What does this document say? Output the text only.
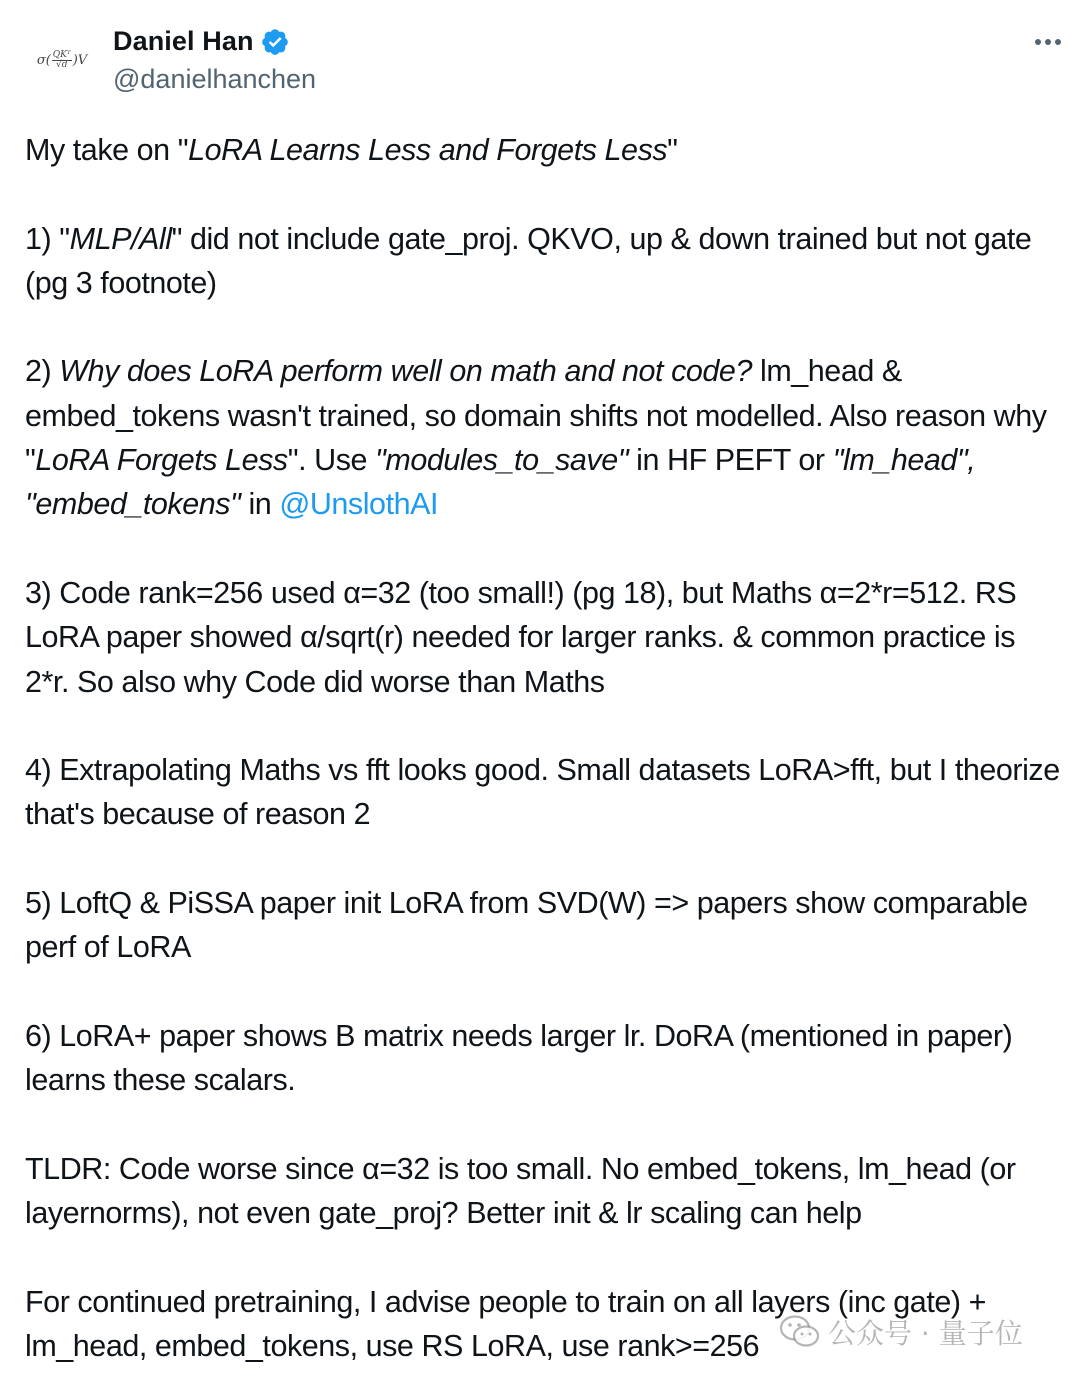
$\sigma( \frac{\text{QKᵀ}}{√d} )V$
Daniel Han
@danielhanchen

My take on "LoRA Learns Less and Forgets Less"

1) "MLP/All" did not include gate_proj. QKVO, up & down trained but not gate (pg 3 footnote)

2) Why does LoRA perform well on math and not code? lm_head & embed_tokens wasn't trained, so domain shifts not modelled. Also reason why "LoRA Forgets Less". Use "modules_to_save" in HF PEFT or "lm_head", "embed_tokens" in @UnslothAI

3) Code rank=256 used α=32 (too small!) (pg 18), but Maths α=2*r=512. RS LoRA paper showed α/sqrt(r) needed for larger ranks. & common practice is 2*r. So also why Code did worse than Maths

4) Extrapolating Maths vs fft looks good. Small datasets LoRA>fft, but I theorize that's because of reason 2

5) LoftQ & PiSSA paper init LoRA from SVD(W) => papers show comparable perf of LoRA

6) LoRA+ paper shows B matrix needs larger lr. DoRA (mentioned in paper) learns these scalars.

TLDR: Code worse since α=32 is too small. No embed_tokens, lm_head (or layernorms), not even gate_proj? Better init & lr scaling can help

For continued pretraining, I advise people to train on all layers (inc gate) + lm_head, embed_tokens, use RS LoRA, use rank>=256	公众号 · 量子位
